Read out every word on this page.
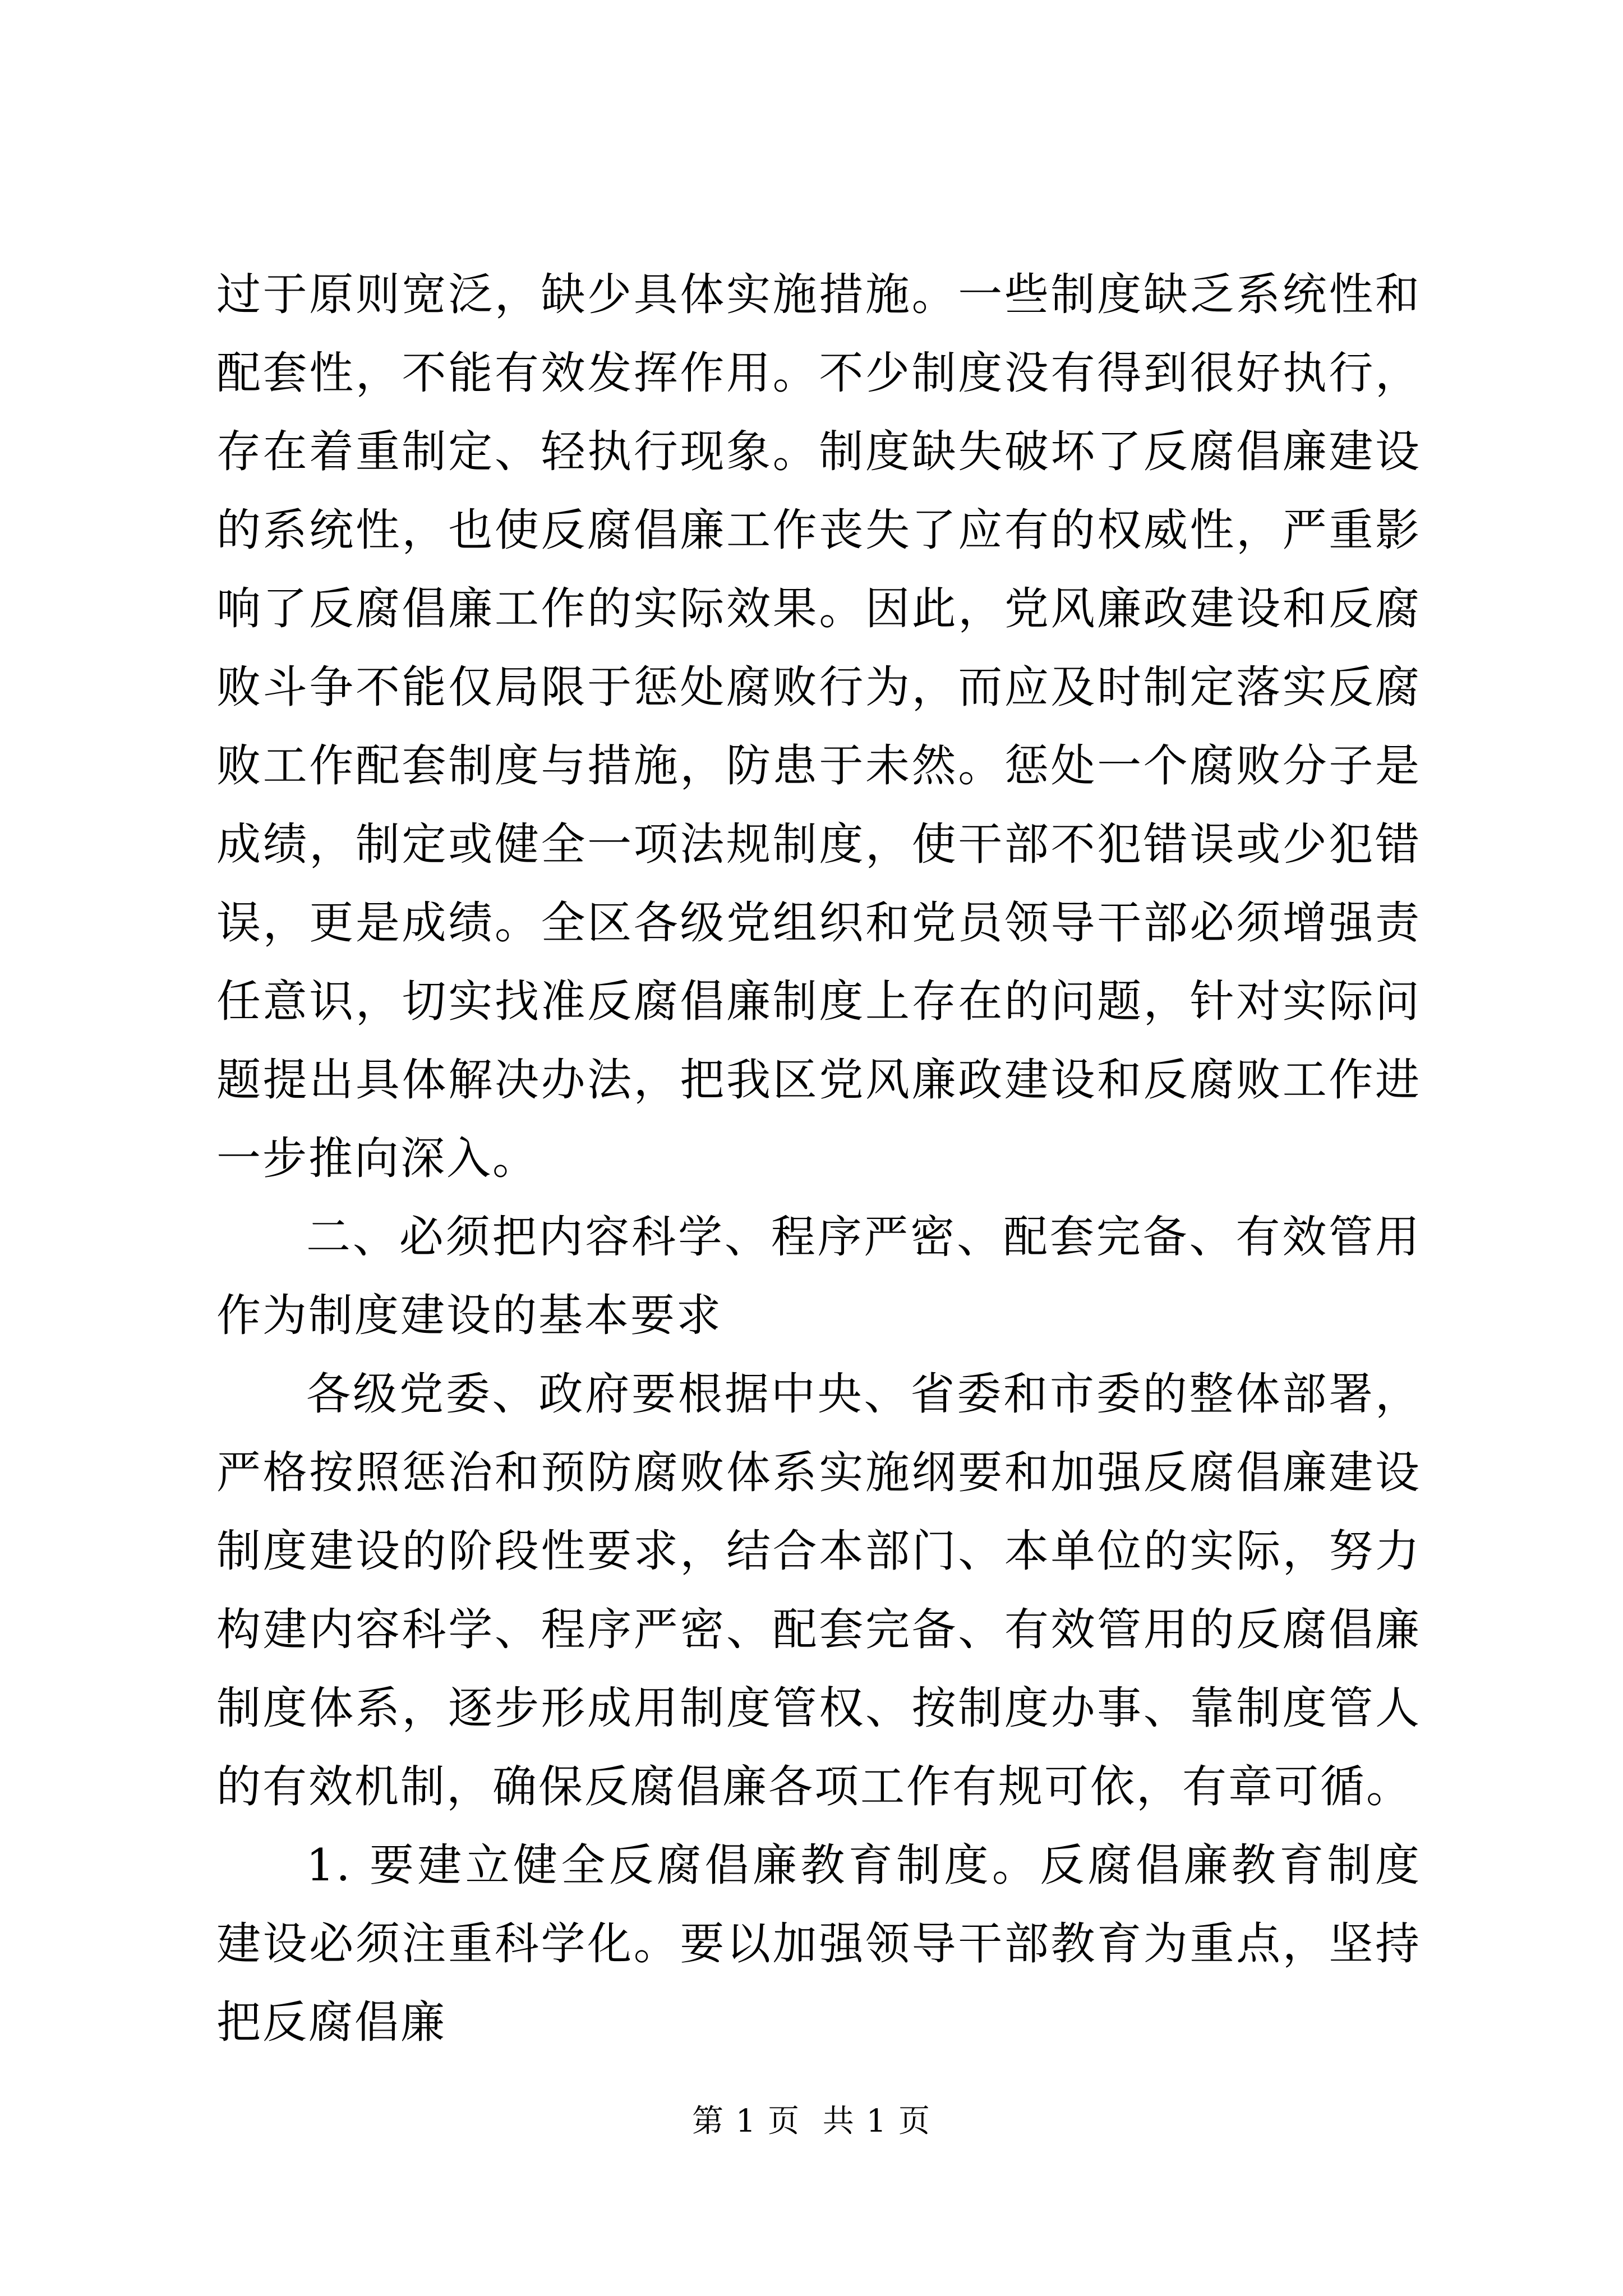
过于原则宽泛，缺少具体实施措施。一些制度缺乏系统性和配套性，不能有效发挥作用。不少制度没有得到很好执行，存在着重制定、轻执行现象。制度缺失破坏了反腐倡廉建设的系统性，也使反腐倡廉工作丧失了应有的权威性，严重影响了反腐倡廉工作的实际效果。因此，党风廉政建设和反腐败斗争不能仅局限于惩处腐败行为，而应及时制定落实反腐败工作配套制度与措施，防患于未然。惩处一个腐败分子是成绩，制定或健全一项法规制度，使干部不犯错误或少犯错误，更是成绩。全区各级党组织和党员领导干部必须增强责任意识，切实找准反腐倡廉制度上存在的问题，针对实际问题提出具体解决办法，把我区党风廉政建设和反腐败工作进一步推向深入。

二、必须把内容科学、程序严密、配套完备、有效管用作为制度建设的基本要求

各级党委、政府要根据中央、省委和市委的整体部署，严格按照惩治和预防腐败体系实施纲要和加强反腐倡廉建设制度建设的阶段性要求，结合本部门、本单位的实际，努力构建内容科学、程序严密、配套完备、有效管用的反腐倡廉制度体系，逐步形成用制度管权、按制度办事、靠制度管人的有效机制，确保反腐倡廉各项工作有规可依，有章可循。

1. 要建立健全反腐倡廉教育制度。反腐倡廉教育制度建设必须注重科学化。要以加强领导干部教育为重点，坚持把反腐倡廉

第 1 页 共 1 页
